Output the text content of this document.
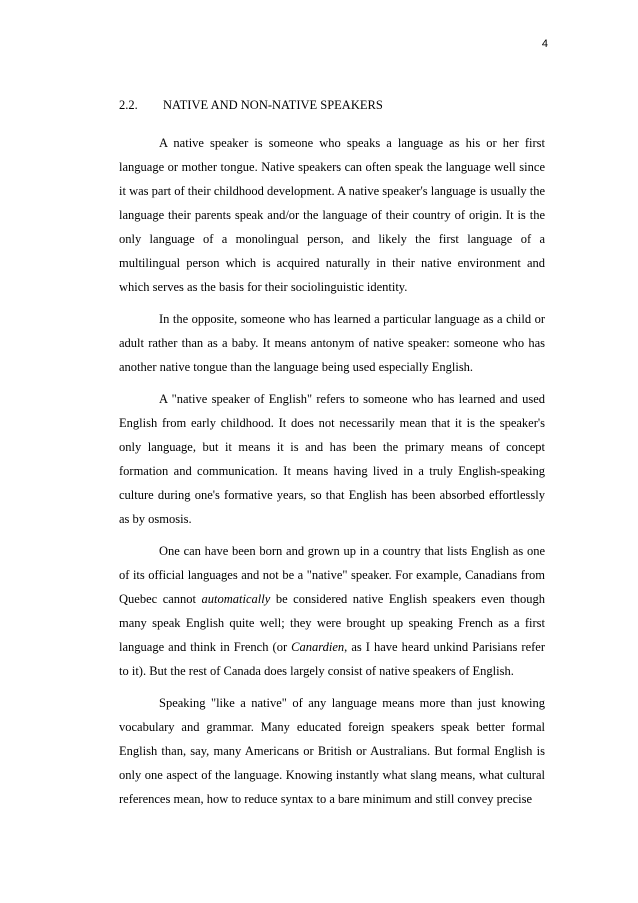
4
2.2. NATIVE AND NON-NATIVE SPEAKERS

A native speaker is someone who speaks a language as his or her first language or mother tongue. Native speakers can often speak the language well since it was part of their childhood development. A native speaker's language is usually the language their parents speak and/or the language of their country of origin. It is the only language of a monolingual person, and likely the first language of a multilingual person which is acquired naturally in their native environment and which serves as the basis for their sociolinguistic identity.

In the opposite, someone who has learned a particular language as a child or adult rather than as a baby. It means antonym of native speaker: someone who has another native tongue than the language being used especially English.

A "native speaker of English" refers to someone who has learned and used English from early childhood. It does not necessarily mean that it is the speaker's only language, but it means it is and has been the primary means of concept formation and communication. It means having lived in a truly English-speaking culture during one's formative years, so that English has been absorbed effortlessly as by osmosis.

One can have been born and grown up in a country that lists English as one of its official languages and not be a "native" speaker. For example, Canadians from Quebec cannot automatically be considered native English speakers even though many speak English quite well; they were brought up speaking French as a first language and think in French (or Canardien, as I have heard unkind Parisians refer to it). But the rest of Canada does largely consist of native speakers of English.

Speaking "like a native" of any language means more than just knowing vocabulary and grammar. Many educated foreign speakers speak better formal English than, say, many Americans or British or Australians. But formal English is only one aspect of the language. Knowing instantly what slang means, what cultural references mean, how to reduce syntax to a bare minimum and still convey precise
